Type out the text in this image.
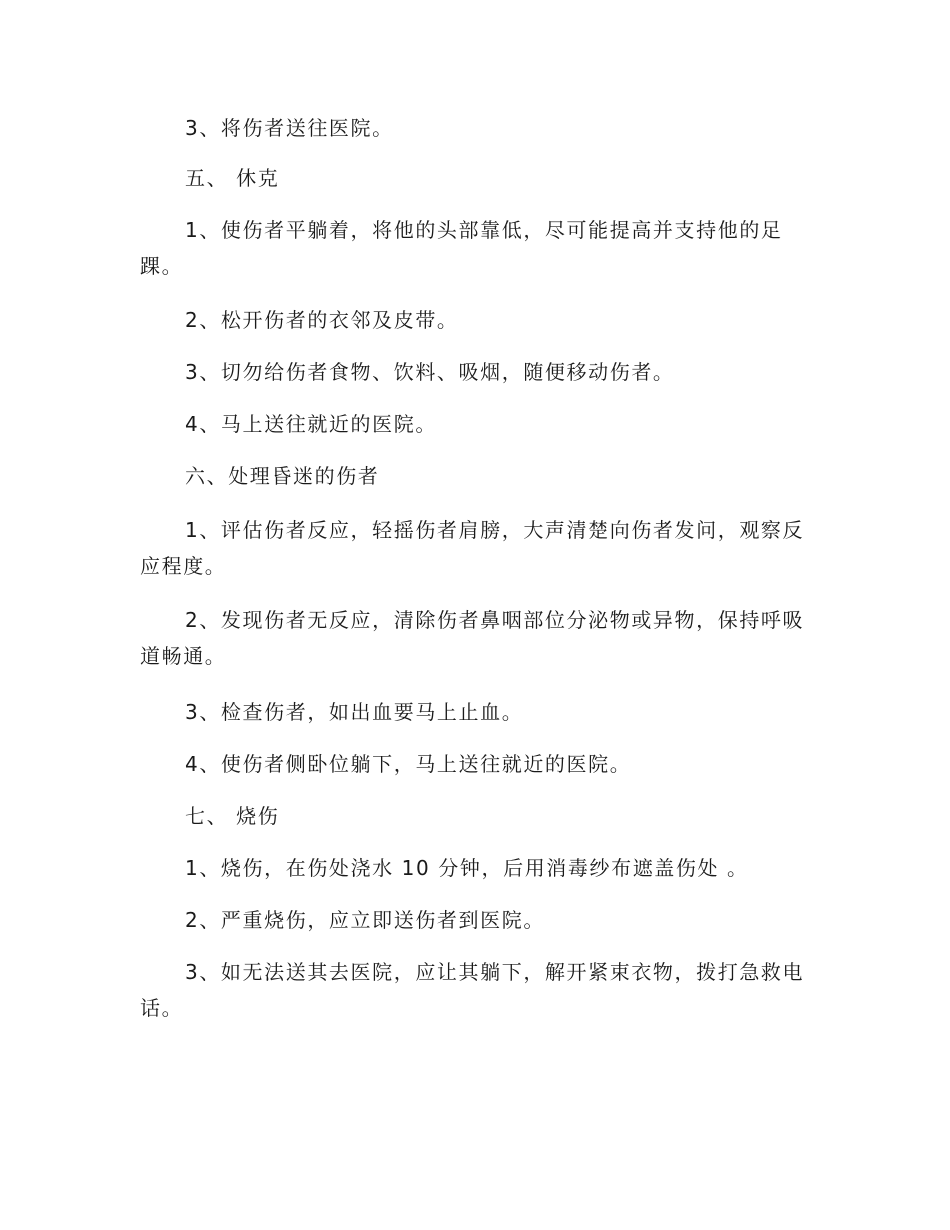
3、将伤者送往医院。

五、 休克

1、使伤者平躺着，将他的头部靠低，尽可能提高并支持他的足踝。

2、松开伤者的衣邻及皮带。

3、切勿给伤者食物、饮料、吸烟，随便移动伤者。

4、马上送往就近的医院。

六、处理昏迷的伤者

1、评估伤者反应，轻摇伤者肩膀，大声清楚向伤者发问，观察反应程度。

2、发现伤者无反应，清除伤者鼻咽部位分泌物或异物，保持呼吸道畅通。

3、检查伤者，如出血要马上止血。

4、使伤者侧卧位躺下，马上送往就近的医院。

七、 烧伤

1、烧伤，在伤处浇水 10 分钟，后用消毒纱布遮盖伤处 。

2、严重烧伤，应立即送伤者到医院。

3、如无法送其去医院，应让其躺下，解开紧束衣物，拨打急救电话。
